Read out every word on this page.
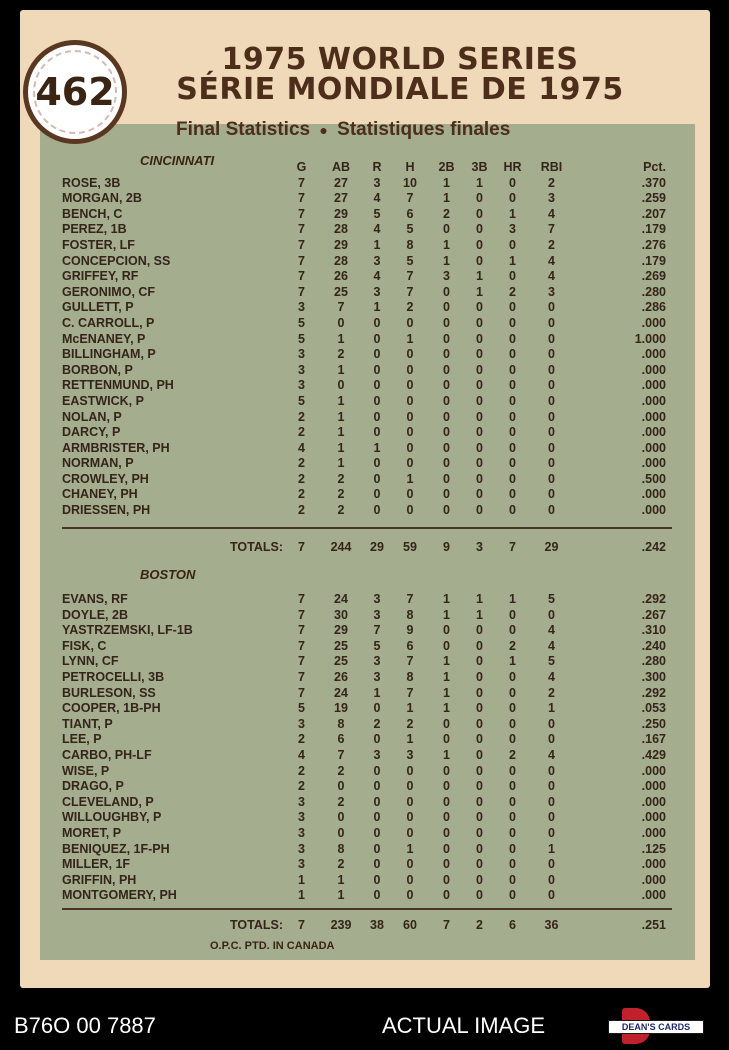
462
1975 WORLD SERIES
SÉRIE MONDIALE DE 1975
Final Statistics ● Statistiques finales
CINCINNATI
		G	AB	R	H	2B	3B	HR	RBI		Pct.
ROSE, 3B	7	27	3	10	1	1	0	2		.370
MORGAN, 2B	7	27	4	7	1	0	0	3		.259
BENCH, C	7	29	5	6	2	0	1	4		.207
PEREZ, 1B	7	28	4	5	0	0	3	7		.179
FOSTER, LF	7	29	1	8	1	0	0	2		.276
CONCEPCION, SS	7	28	3	5	1	0	1	4		.179
GRIFFEY, RF	7	26	4	7	3	1	0	4		.269
GERONIMO, CF	7	25	3	7	0	1	2	3		.280
GULLETT, P	3	7	1	2	0	0	0	0		.286
C. CARROLL, P	5	0	0	0	0	0	0	0		.000
McENANEY, P	5	1	0	1	0	0	0	0		1.000
BILLINGHAM, P	3	2	0	0	0	0	0	0		.000
BORBON, P	3	1	0	0	0	0	0	0		.000
RETTENMUND, PH	3	0	0	0	0	0	0	0		.000
EASTWICK, P	5	1	0	0	0	0	0	0		.000
NOLAN, P	2	1	0	0	0	0	0	0		.000
DARCY, P	2	1	0	0	0	0	0	0		.000
ARMBRISTER, PH	4	1	1	0	0	0	0	0		.000
NORMAN, P	2	1	0	0	0	0	0	0		.000
CROWLEY, PH	2	2	0	1	0	0	0	0		.500
CHANEY, PH	2	2	0	0	0	0	0	0		.000
DRIESSEN, PH	2	2	0	0	0	0	0	0		.000
TOTALS:	7	244	29	59	9	3	7	29		.242
BOSTON
EVANS, RF	7	24	3	7	1	1	1	5		.292
DOYLE, 2B	7	30	3	8	1	1	0	0		.267
YASTRZEMSKI, LF-1B	7	29	7	9	0	0	0	4		.310
FISK, C	7	25	5	6	0	0	2	4		.240
LYNN, CF	7	25	3	7	1	0	1	5		.280
PETROCELLI, 3B	7	26	3	8	1	0	0	4		.300
BURLESON, SS	7	24	1	7	1	0	0	2		.292
COOPER, 1B-PH	5	19	0	1	1	0	0	1		.053
TIANT, P	3	8	2	2	0	0	0	0		.250
LEE, P	2	6	0	1	0	0	0	0		.167
CARBO, PH-LF	4	7	3	3	1	0	2	4		.429
WISE, P	2	2	0	0	0	0	0	0		.000
DRAGO, P	2	0	0	0	0	0	0	0		.000
CLEVELAND, P	3	2	0	0	0	0	0	0		.000
WILLOUGHBY, P	3	0	0	0	0	0	0	0		.000
MORET, P	3	0	0	0	0	0	0	0		.000
BENIQUEZ, 1F-PH	3	8	0	1	0	0	0	1		.125
MILLER, 1F	3	2	0	0	0	0	0	0		.000
GRIFFIN, PH	1	1	0	0	0	0	0	0		.000
MONTGOMERY, PH	1	1	0	0	0	0	0	0		.000
TOTALS:	7	239	38	60	7	2	6	36		.251
O.P.C. PTD. IN CANADA
B76O 00 7887	ACTUAL IMAGE	DEAN'S CARDS
